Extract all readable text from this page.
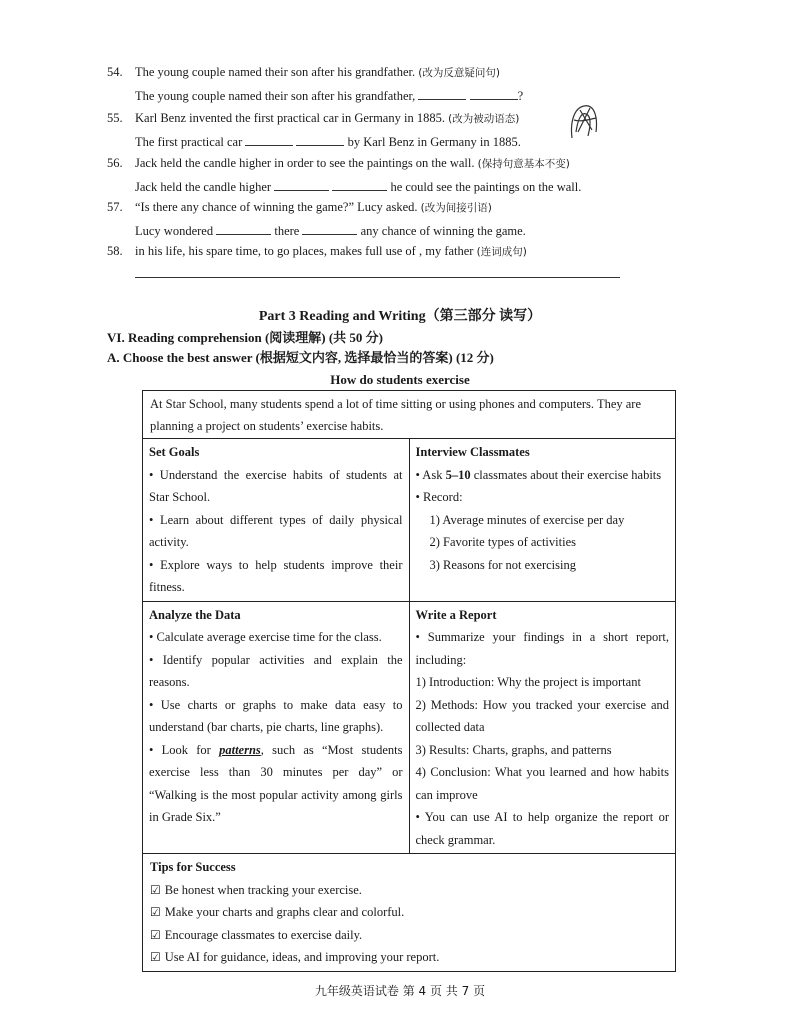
54. The young couple named their son after his grandfather. (改为反意疑问句)
The young couple named their son after his grandfather,	?
55. Karl Benz invented the first practical car in Germany in 1885. (改为被动语态)
The first practical car	by Karl Benz in Germany in 1885.
56. Jack held the candle higher in order to see the paintings on the wall. (保持句意基本不变)
Jack held the candle higher	he could see the paintings on the wall.
57. “Is there any chance of winning the game?” Lucy asked. (改为间接引语)
Lucy wondered	there	any chance of winning the game.
58. in his life, his spare time, to go places, makes full use of , my father (连词成句)
Part 3 Reading and Writing（第三部分 读写）
VI. Reading comprehension (阅读理解) (共 50 分)
A. Choose the best answer (根据短文内容, 选择最恰当的答案) (12 分)
How do students exercise
At Star School, many students spend a lot of time sitting or using phones and computers. They are planning a project on students’ exercise habits.
Set Goals
• Understand the exercise habits of students at Star School.
• Learn about different types of daily physical activity.
• Explore ways to help students improve their fitness.
Interview Classmates
• Ask 5–10 classmates about their exercise habits
• Record:
1) Average minutes of exercise per day
2) Favorite types of activities
3) Reasons for not exercising
Analyze the Data
• Calculate average exercise time for the class.
• Identify popular activities and explain the reasons.
• Use charts or graphs to make data easy to understand (bar charts, pie charts, line graphs).
• Look for patterns, such as “Most students exercise less than 30 minutes per day” or “Walking is the most popular activity among girls in Grade Six.”
Write a Report
• Summarize your findings in a short report, including:
1) Introduction: Why the project is important
2) Methods: How you tracked your exercise and collected data
3) Results: Charts, graphs, and patterns
4) Conclusion: What you learned and how habits can improve
• You can use AI to help organize the report or check grammar.
Tips for Success
☑ Be honest when tracking your exercise.
☑ Make your charts and graphs clear and colorful.
☑ Encourage classmates to exercise daily.
☑ Use AI for guidance, ideas, and improving your report.
九年级英语试卷 第 4 页 共 7 页
